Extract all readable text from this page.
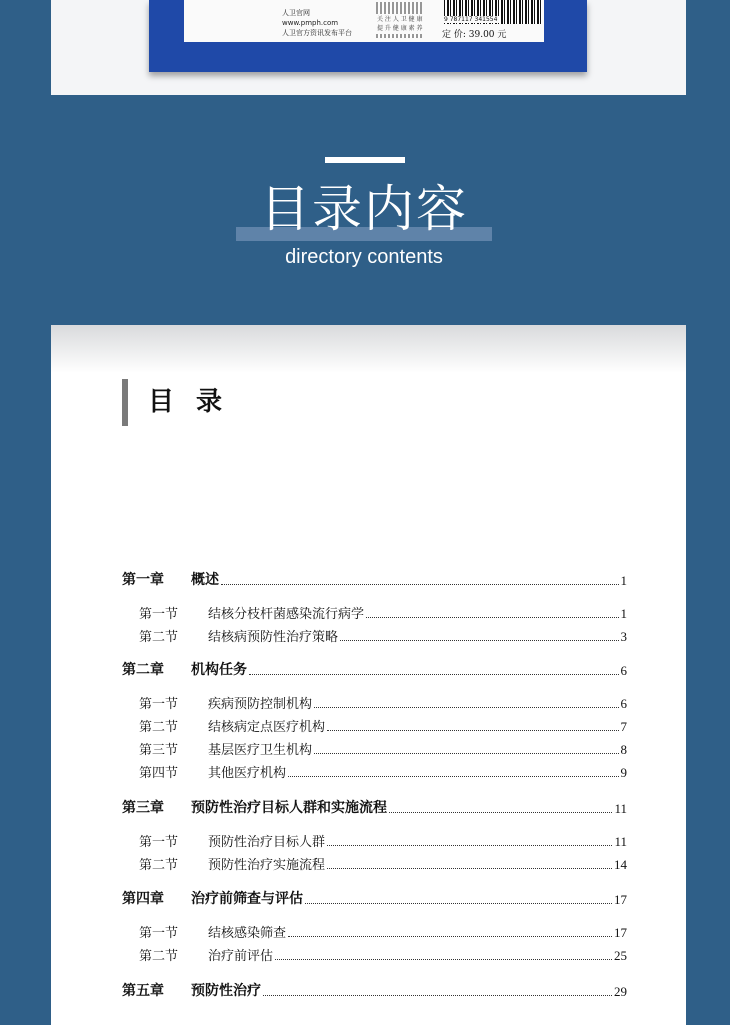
人卫官网
www.pmph.com
人卫官方资讯发布平台
关 注 人 卫 健 康
提 升 健 康 素 养
9 787117 341554
定 价: 39.00 元
目录内容
directory contents
目录
第一章	概述	1
第一节	结核分枝杆菌感染流行病学	1
第二节	结核病预防性治疗策略	3
第二章	机构任务	6
第一节	疾病预防控制机构	6
第二节	结核病定点医疗机构	7
第三节	基层医疗卫生机构	8
第四节	其他医疗机构	9
第三章	预防性治疗目标人群和实施流程	11
第一节	预防性治疗目标人群	11
第二节	预防性治疗实施流程	14
第四章	治疗前筛查与评估	17
第一节	结核感染筛查	17
第二节	治疗前评估	25
第五章	预防性治疗	29
